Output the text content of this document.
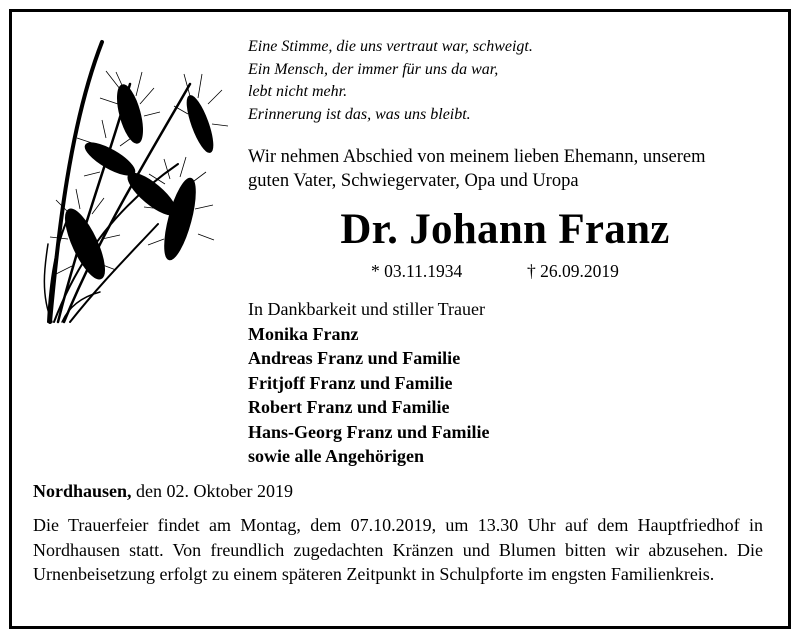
Eine Stimme, die uns vertraut war, schweigt.
Ein Mensch, der immer für uns da war,
lebt nicht mehr.
Erinnerung ist das, was uns bleibt.
Wir nehmen Abschied von meinem lieben Ehemann, unserem
guten Vater, Schwiegervater, Opa und Uropa
Dr. Johann Franz
* 03.11.1934	† 26.09.2019
In Dankbarkeit und stiller Trauer
Monika Franz
Andreas Franz und Familie
Fritjoff Franz und Familie
Robert Franz und Familie
Hans-Georg Franz und Familie
sowie alle Angehörigen
Nordhausen, den 02. Oktober 2019
Die Trauerfeier findet am Montag, dem 07.10.2019, um 13.30 Uhr auf dem Hauptfriedhof in Nordhausen statt. Von freundlich zugedachten Kränzen und Blumen bitten wir abzusehen. Die Urnenbeisetzung erfolgt zu einem späteren Zeitpunkt in Schulpforte im engsten Familienkreis.
